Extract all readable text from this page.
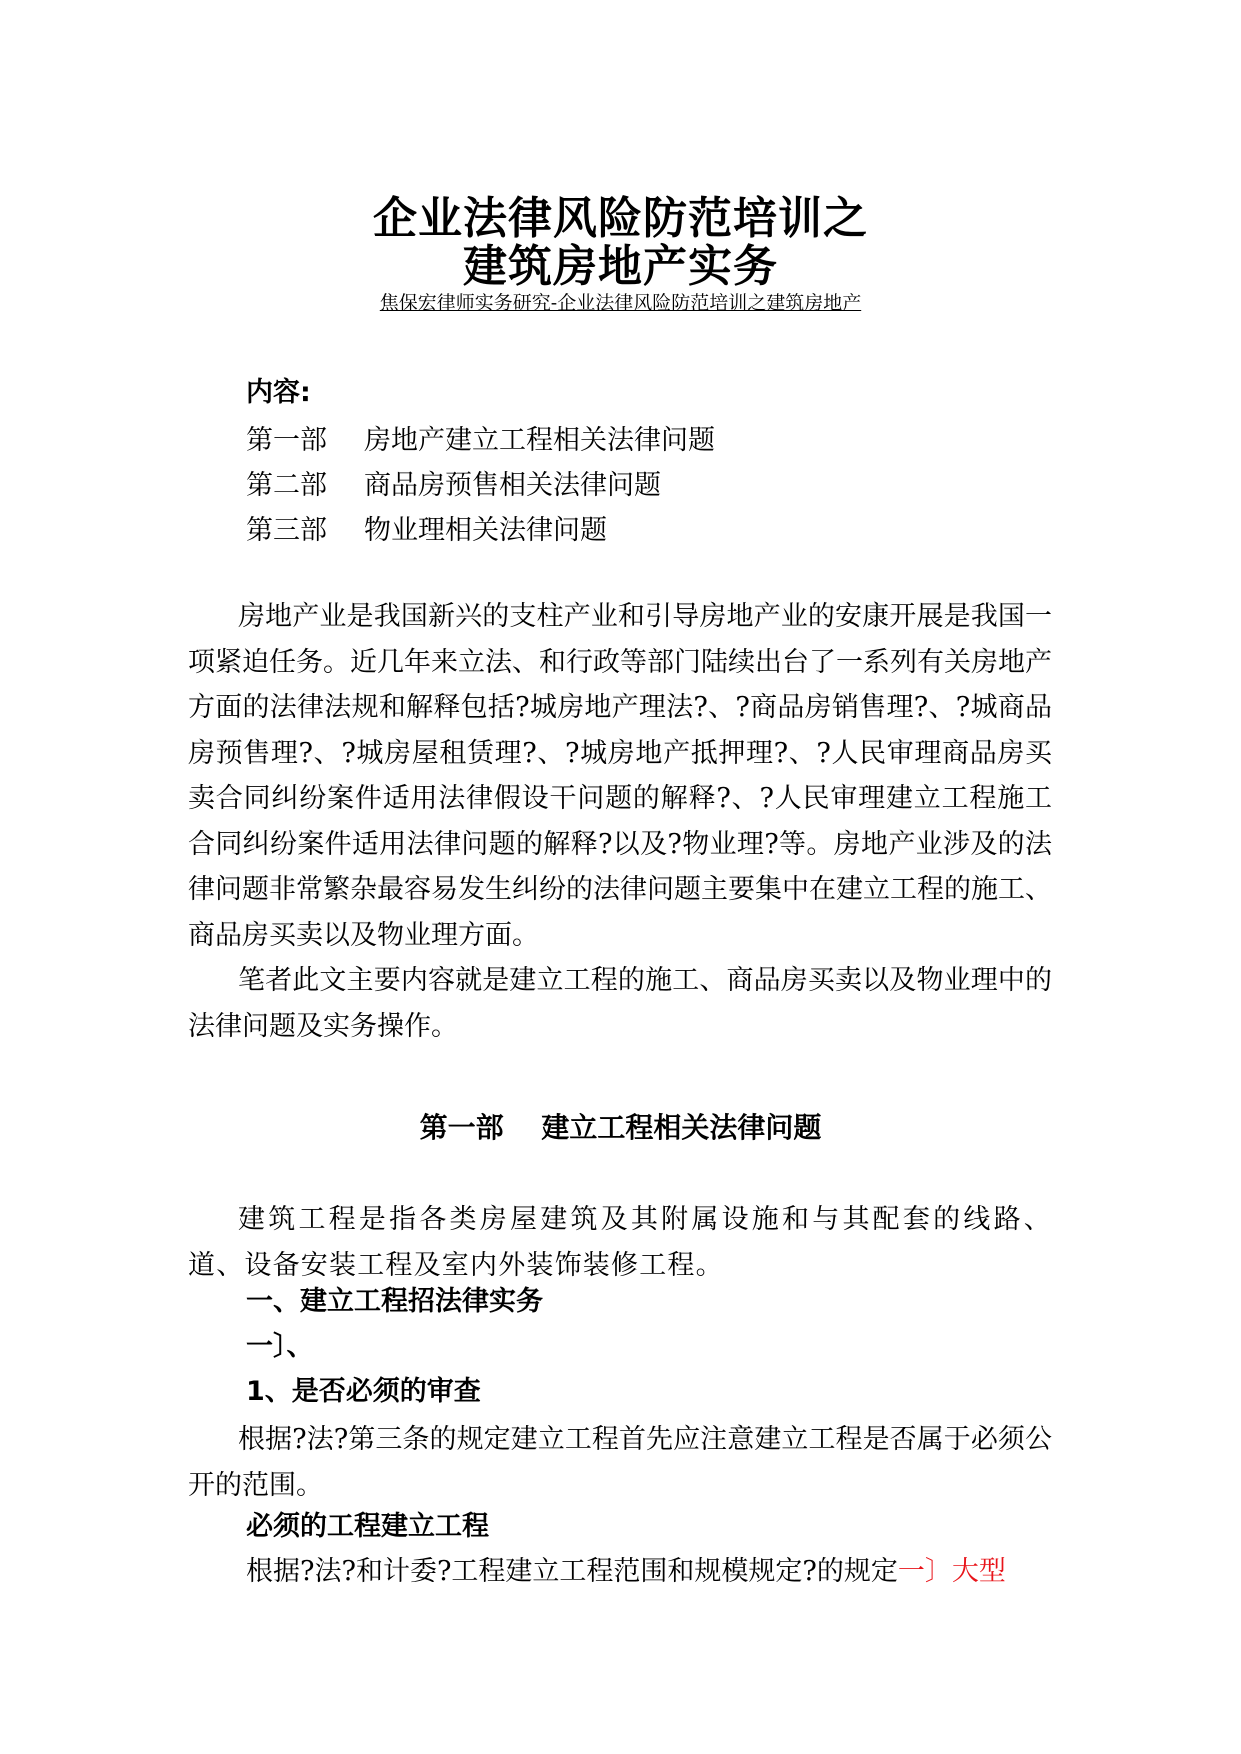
企业法律风险防范培训之
建筑房地产实务
焦保宏律师实务研究-企业法律风险防范培训之建筑房地产
内容:
第一部 房地产建立工程相关法律问题
第二部 商品房预售相关法律问题
第三部 物业理相关法律问题
房地产业是我国新兴的支柱产业和引导房地产业的安康开展是我国一项紧迫任务。近几年来立法、和行政等部门陆续出台了一系列有关房地产方面的法律法规和解释包括?城房地产理法?、?商品房销售理?、?城商品房预售理?、?城房屋租赁理?、?城房地产抵押理?、?人民审理商品房买卖合同纠纷案件适用法律假设干问题的解释?、?人民审理建立工程施工合同纠纷案件适用法律问题的解释?以及?物业理?等。房地产业涉及的法律问题非常繁杂最容易发生纠纷的法律问题主要集中在建立工程的施工、商品房买卖以及物业理方面。
笔者此文主要内容就是建立工程的施工、商品房买卖以及物业理中的法律问题及实务操作。
第一部　 建立工程相关法律问题
建筑工程是指各类房屋建筑及其附属设施和与其配套的线路、道、设备安装工程及室内外装饰装修工程。
一、建立工程招法律实务
一〕、
1、是否必须的审查
根据?法?第三条的规定建立工程首先应注意建立工程是否属于必须公开的范围。
必须的工程建立工程
根据?法?和计委?工程建立工程范围和规模规定?的规定一〕大型
